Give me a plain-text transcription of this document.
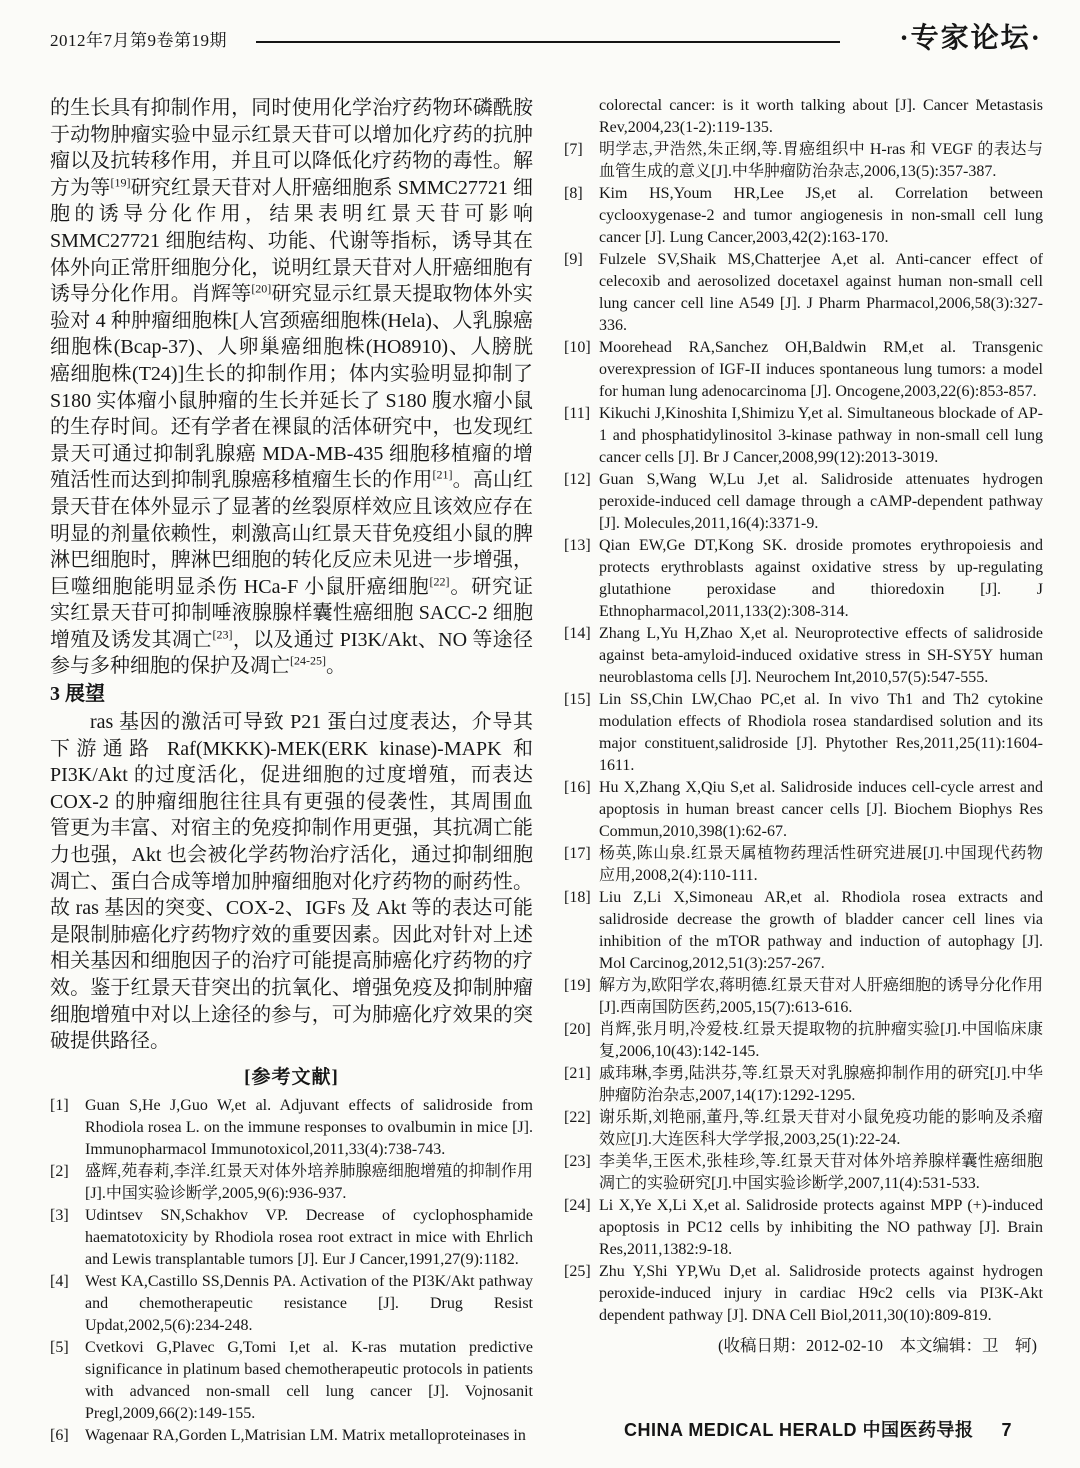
2012年7月第9卷第19期	·专家论坛·

的生长具有抑制作用，同时使用化学治疗药物环磷酰胺于动物肿瘤实验中显示红景天苷可以增加化疗药的抗肿瘤以及抗转移作用，并且可以降低化疗药物的毒性。解方为等[19]研究红景天苷对人肝癌细胞系 SMMC27721 细胞的诱导分化作用，结果表明红景天苷可影响 SMMC27721 细胞结构、功能、代谢等指标，诱导其在体外向正常肝细胞分化，说明红景天苷对人肝癌细胞有诱导分化作用。肖辉等[20]研究显示红景天提取物体外实验对 4 种肿瘤细胞株[人宫颈癌细胞株(Hela)、人乳腺癌细胞株(Bcap-37)、人卵巢癌细胞株(HO8910)、人膀胱癌细胞株(T24)]生长的抑制作用；体内实验明显抑制了 S180 实体瘤小鼠肿瘤的生长并延长了 S180 腹水瘤小鼠的生存时间。还有学者在裸鼠的活体研究中，也发现红景天可通过抑制乳腺癌 MDA-MB-435 细胞移植瘤的增殖活性而达到抑制乳腺癌移植瘤生长的作用[21]。高山红景天苷在体外显示了显著的丝裂原样效应且该效应存在明显的剂量依赖性，刺激高山红景天苷免疫组小鼠的脾淋巴细胞时，脾淋巴细胞的转化反应未见进一步增强，巨噬细胞能明显杀伤 HCa-F 小鼠肝癌细胞[22]。研究证实红景天苷可抑制唾液腺腺样囊性癌细胞 SACC-2 细胞增殖及诱发其凋亡[23]，以及通过 PI3K/Akt、NO 等途径参与多种细胞的保护及凋亡[24-25]。

3 展望

ras 基因的激活可导致 P21 蛋白过度表达，介导其下游通路 Raf(MKKK)-MEK(ERK kinase)-MAPK 和 PI3K/Akt 的过度活化，促进细胞的过度增殖，而表达 COX-2 的肿瘤细胞往往具有更强的侵袭性，其周围血管更为丰富、对宿主的免疫抑制作用更强，其抗凋亡能力也强，Akt 也会被化学药物治疗活化，通过抑制细胞凋亡、蛋白合成等增加肿瘤细胞对化疗药物的耐药性。故 ras 基因的突变、COX-2、IGFs 及 Akt 等的表达可能是限制肺癌化疗药物疗效的重要因素。因此对针对上述相关基因和细胞因子的治疗可能提高肺癌化疗药物的疗效。鉴于红景天苷突出的抗氧化、增强免疫及抑制肿瘤细胞增殖中对以上途径的参与，可为肺癌化疗效果的突破提供路径。

[参考文献]
[1] Guan S,He J,Guo W,et al. Adjuvant effects of salidroside from Rhodiola rosea L. on the immune responses to ovalbumin in mice [J]. Immunopharmacol Immunotoxicol,2011,33(4):738-743.
[2] 盛辉,苑春莉,李洋.红景天对体外培养肺腺癌细胞增殖的抑制作用[J].中国实验诊断学,2005,9(6):936-937.
[3] Udintsev SN,Schakhov VP. Decrease of cyclophosphamide haematotoxicity by Rhodiola rosea root extract in mice with Ehrlich and Lewis transplantable tumors [J]. Eur J Cancer,1991,27(9):1182.
[4] West KA,Castillo SS,Dennis PA. Activation of the PI3K/Akt pathway and chemotherapeutic resistance [J]. Drug Resist Updat,2002,5(6):234-248.
[5] Cvetkovi G,Plavec G,Tomi I,et al. K-ras mutation predictive significance in platinum based chemotherapeutic protocols in patients with advanced non-small cell lung cancer [J]. Vojnosanit Pregl,2009,66(2):149-155.
[6] Wagenaar RA,Gorden L,Matrisian LM. Matrix metalloproteinases in
colorectal cancer: is it worth talking about [J]. Cancer Metastasis Rev,2004,23(1-2):119-135.
[7] 明学志,尹浩然,朱正纲,等.胃癌组织中 H-ras 和 VEGF 的表达与血管生成的意义[J].中华肿瘤防治杂志,2006,13(5):357-387.
[8] Kim HS,Youm HR,Lee JS,et al. Correlation between cyclooxygenase-2 and tumor angiogenesis in non-small cell lung cancer [J]. Lung Cancer,2003,42(2):163-170.
[9] Fulzele SV,Shaik MS,Chatterjee A,et al. Anti-cancer effect of celecoxib and aerosolized docetaxel against human non-small cell lung cancer cell line A549 [J]. J Pharm Pharmacol,2006,58(3):327-336.
[10] Moorehead RA,Sanchez OH,Baldwin RM,et al. Transgenic overexpression of IGF-II induces spontaneous lung tumors: a model for human lung adenocarcinoma [J]. Oncogene,2003,22(6):853-857.
[11] Kikuchi J,Kinoshita I,Shimizu Y,et al. Simultaneous blockade of AP-1 and phosphatidylinositol 3-kinase pathway in non-small cell lung cancer cells [J]. Br J Cancer,2008,99(12):2013-3019.
[12] Guan S,Wang W,Lu J,et al. Salidroside attenuates hydrogen peroxide-induced cell damage through a cAMP-dependent pathway [J]. Molecules,2011,16(4):3371-9.
[13] Qian EW,Ge DT,Kong SK. droside promotes erythropoiesis and protects erythroblasts against oxidative stress by up-regulating glutathione peroxidase and thioredoxin [J]. J Ethnopharmacol,2011,133(2):308-314.
[14] Zhang L,Yu H,Zhao X,et al. Neuroprotective effects of salidroside against beta-amyloid-induced oxidative stress in SH-SY5Y human neuroblastoma cells [J]. Neurochem Int,2010,57(5):547-555.
[15] Lin SS,Chin LW,Chao PC,et al. In vivo Th1 and Th2 cytokine modulation effects of Rhodiola rosea standardised solution and its major constituent,salidroside [J]. Phytother Res,2011,25(11):1604-1611.
[16] Hu X,Zhang X,Qiu S,et al. Salidroside induces cell-cycle arrest and apoptosis in human breast cancer cells [J]. Biochem Biophys Res Commun,2010,398(1):62-67.
[17] 杨英,陈山泉.红景天属植物药理活性研究进展[J].中国现代药物应用,2008,2(4):110-111.
[18] Liu Z,Li X,Simoneau AR,et al. Rhodiola rosea extracts and salidroside decrease the growth of bladder cancer cell lines via inhibition of the mTOR pathway and induction of autophagy [J]. Mol Carcinog,2012,51(3):257-267.
[19] 解方为,欧阳学农,蒋明德.红景天苷对人肝癌细胞的诱导分化作用[J].西南国防医药,2005,15(7):613-616.
[20] 肖辉,张月明,冷爱枝.红景天提取物的抗肿瘤实验[J].中国临床康复,2006,10(43):142-145.
[21] 戚玮琳,李勇,陆洪芬,等.红景天对乳腺癌抑制作用的研究[J].中华肿瘤防治杂志,2007,14(17):1292-1295.
[22] 谢乐斯,刘艳丽,董丹,等.红景天苷对小鼠免疫功能的影响及杀瘤效应[J].大连医科大学学报,2003,25(1):22-24.
[23] 李美华,王医术,张桂珍,等.红景天苷对体外培养腺样囊性癌细胞凋亡的实验研究[J].中国实验诊断学,2007,11(4):531-533.
[24] Li X,Ye X,Li X,et al. Salidroside protects against MPP (+)-induced apoptosis in PC12 cells by inhibiting the NO pathway [J]. Brain Res,2011,1382:9-18.
[25] Zhu Y,Shi YP,Wu D,et al. Salidroside protects against hydrogen peroxide-induced injury in cardiac H9c2 cells via PI3K-Akt dependent pathway [J]. DNA Cell Biol,2011,30(10):809-819.
(收稿日期：2012-02-10　本文编辑：卫　轲)
CHINA MEDICAL HERALD 中国医药导报 7
